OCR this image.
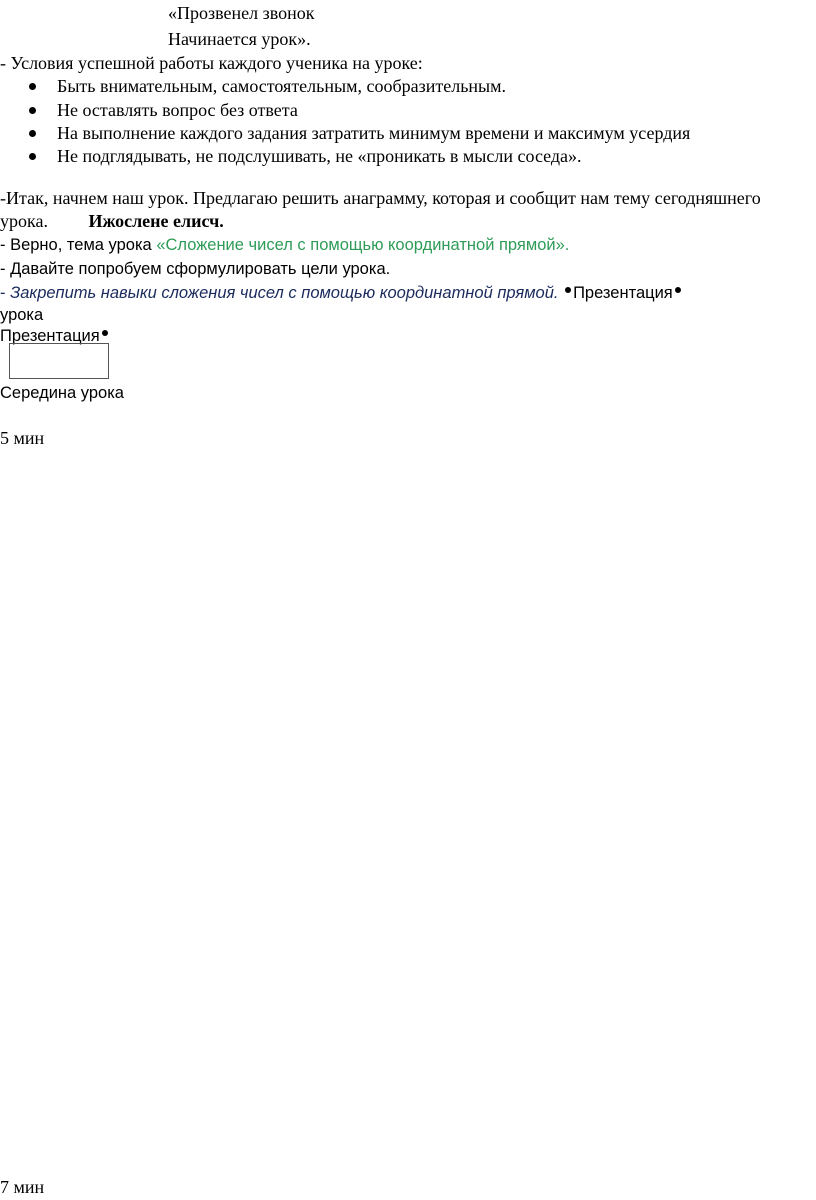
«Прозвенел звонок
Начинается урок».
- Условия успешной работы каждого ученика на уроке:
Быть внимательным, самостоятельным, сообразительным.
Не оставлять вопрос без ответа
На выполнение каждого задания затратить минимум времени и максимум усердия
Не подглядывать, не подслушивать, не «проникать в мысли соседа».
-Итак, начнем наш урок. Предлагаю решить анаграмму, которая и сообщит нам тему сегодняшнего
урока. Ижослене елисч.
- Верно, тема урока «Сложение чисел с помощью координатной прямой».
- Давайте попробуем сформулировать цели урока.
- Закрепить навыки сложения чисел с помощью координатной прямой. Презентация
урока
Презентация
Середина урока
5 мин
7 мин
